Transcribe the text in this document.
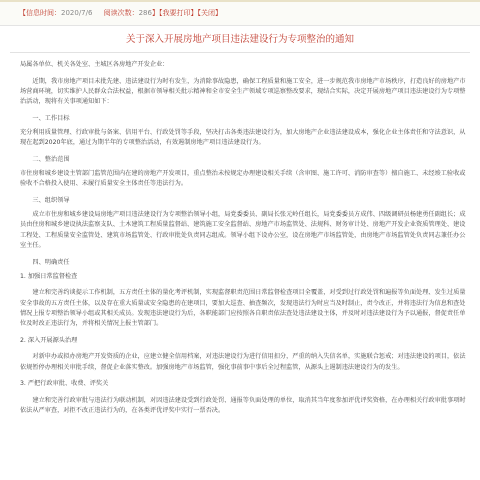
【信息时间：2020/7/6 阅读次数：286】【我要打印】【关闭】
关于深入开展房地产项目违法建设行为专项整治的通知

局属各单位、机关各处室、主城区各房地产开发企业：

近期，我市房地产项目未批先建、违法建设行为时有发生，为消除事故隐患，确保工程质量和施工安全，进一步规范我市房地产市场秩序，打造良好的房地产市场营商环境，切实维护人民群众合法权益，根据市领导相关批示精神和全市安全生产领域专项巡察整改要求，现结合实际，决定开展房地产项目违法建设行为专项整治活动，现将有关事项通知如下：

一、工作目标

充分利用质量管理、行政审批与备案、信用平台、行政处罚等手段，坚决打击各类违法建设行为，加大房地产企业违法建设成本，强化企业主体责任和守法意识，从现在起到2020年底，通过为期半年的专项整治活动，有效遏制房地产项目违法建设行为。

二、整治范围

市住房和城乡建设主管部门监管范围内在建的房地产开发项目，重点整治未按规定办理建设相关手续（含审图、施工许可、消防审查等）擅自施工、未经竣工验收或验收不合格投入使用、未履行质量安全主体责任等违法行为。

三、组织领导

成立市住房和城乡建设局房地产项目违法建设行为专项整治领导小组，局党委委员、副局长张元岭任组长，局党委委员方成伟、四级调研员杨建勇任副组长；成员由住房和城乡建设执法监察支队、土木建筑工程质量监督站、建筑施工安全监督站、房地产市场监管处、法规科、财务审计处、房地产开发企业资质管理处、建设工程处、工程质量安全监管处、建筑市场监管处、行政审批处负责同志组成。领导小组下设办公室，设在房地产市场监管处，由房地产市场监管处负责同志兼任办公室主任。

四、明确责任

1. 加强日常监督检查

建立和完善约谈提示工作机制，五方责任主体的量化考评机制，实现监督职责范围日常监督检查项目全覆盖，对受到过行政处罚和遍报等负面处理、发生过质量安全事故的五方责任主体，以及存在重大质量或安全隐患的在建项目，要加大巡查、抽查频次，发现违法行为时应当及时制止，责令改正，并将违法行为信息和查处情况上报专项整治领导小组或其相关成员。发现违法建设行为后，各职能部门应按照各自职责依法查处违法建设主体，并及时对违法建设行为予以通报，督促责任单位及时改正违法行为，并将相关情况上报主管部门。

2. 深入开展源头治理

对新申办或拟办房地产开发资质的企业，应建立健全信用档案，对违法建设行为进行信用扣分，严重的纳入失信名单，实施联合惩戒；对违法建设的项目，依法依规暂停办理相关审批手续，督促企业落实整改。加强房地产市场监管，强化事前事中事后全过程监管，从源头上遏制违法建设行为的发生。

3. 严把行政审批、收费、评奖关

建立和完善行政审批与违法行为联动机制，对因违法建设受到行政处罚、通报等负面处理的单位，取消其当年度参加评优评奖资格，在办理相关行政审批事项时依法从严审查，对拒不改正违法行为的，在各类评优评奖中实行一票否决。
